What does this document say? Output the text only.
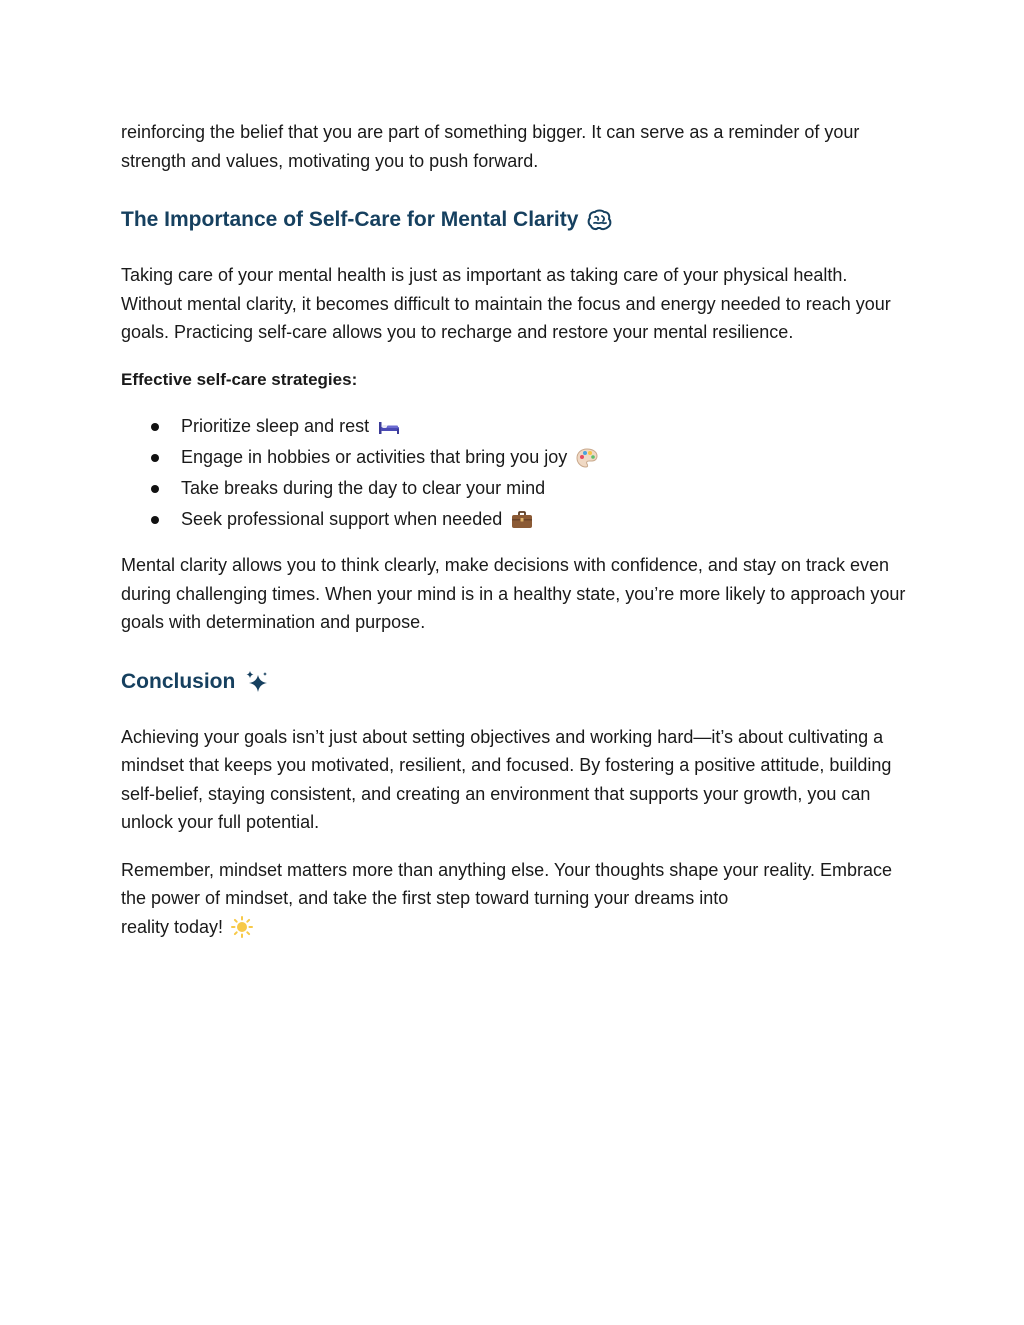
reinforcing the belief that you are part of something bigger. It can serve as a reminder of your strength and values, motivating you to push forward.

The Importance of Self-Care for Mental Clarity

Taking care of your mental health is just as important as taking care of your physical health. Without mental clarity, it becomes difficult to maintain the focus and energy needed to reach your goals. Practicing self-care allows you to recharge and restore your mental resilience.

Effective self-care strategies:

Prioritize sleep and rest
Engage in hobbies or activities that bring you joy
Take breaks during the day to clear your mind
Seek professional support when needed

Mental clarity allows you to think clearly, make decisions with confidence, and stay on track even during challenging times. When your mind is in a healthy state, you’re more likely to approach your goals with determination and purpose.

Conclusion

Achieving your goals isn’t just about setting objectives and working hard—it’s about cultivating a mindset that keeps you motivated, resilient, and focused. By fostering a positive attitude, building self-belief, staying consistent, and creating an environment that supports your growth, you can unlock your full potential.

Remember, mindset matters more than anything else. Your thoughts shape your reality. Embrace the power of mindset, and take the first step toward turning your dreams into

reality today!
